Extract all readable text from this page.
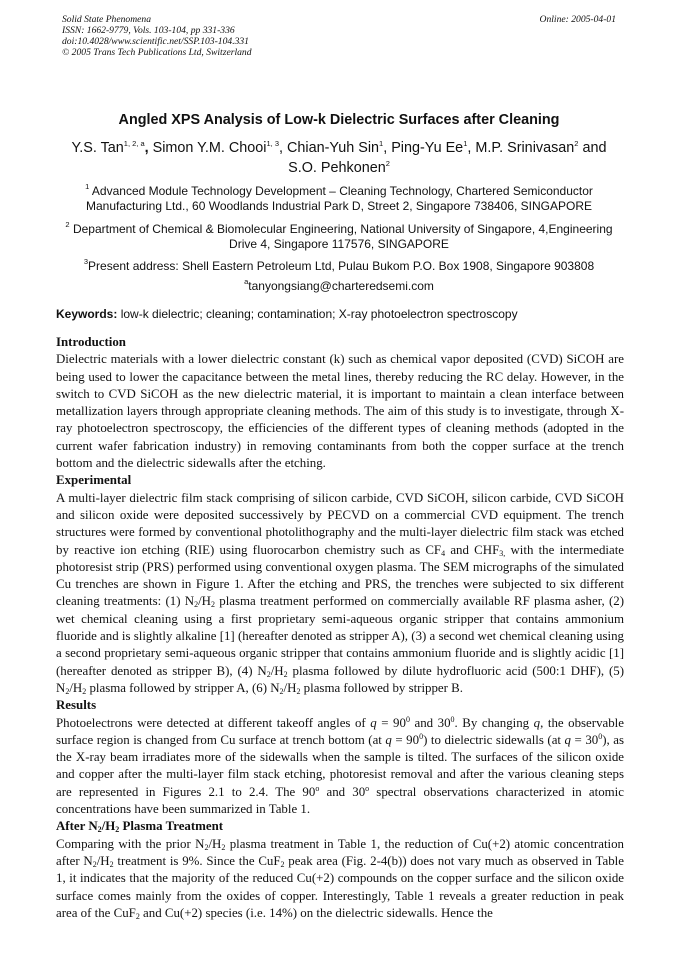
Solid State Phenomena
ISSN: 1662-9779, Vols. 103-104, pp 331-336
doi:10.4028/www.scientific.net/SSP.103-104.331
© 2005 Trans Tech Publications Ltd, Switzerland
Online: 2005-04-01
Angled XPS Analysis of Low-k Dielectric Surfaces after Cleaning
Y.S. Tan$^{1, 2, a}$, Simon Y.M. Chooi$^{1, 3}$, Chian-Yuh Sin$^1$, Ping-Yu Ee$^1$, M.P. Srinivasan$^2$ and S.O. Pehkonen$^2$
$^1$ Advanced Module Technology Development – Cleaning Technology, Chartered Semiconductor Manufacturing Ltd., 60 Woodlands Industrial Park D, Street 2, Singapore 738406, SINGAPORE
$^2$ Department of Chemical & Biomolecular Engineering, National University of Singapore, 4,Engineering Drive 4, Singapore 117576, SINGAPORE
$^3$Present address: Shell Eastern Petroleum Ltd, Pulau Bukom P.O. Box 1908, Singapore 903808
$^a$tanyongsiang@charteredsemi.com
Keywords: low-k dielectric; cleaning; contamination; X-ray photoelectron spectroscopy
Introduction

Dielectric materials with a lower dielectric constant (k) such as chemical vapor deposited (CVD) SiCOH are being used to lower the capacitance between the metal lines, thereby reducing the RC delay. However, in the switch to CVD SiCOH as the new dielectric material, it is important to maintain a clean interface between metallization layers through appropriate cleaning methods. The aim of this study is to investigate, through X-ray photoelectron spectroscopy, the efficiencies of the different types of cleaning methods (adopted in the current wafer fabrication industry) in removing contaminants from both the copper surface at the trench bottom and the dielectric sidewalls after the etching.

Experimental

A multi-layer dielectric film stack comprising of silicon carbide, CVD SiCOH, silicon carbide, CVD SiCOH and silicon oxide were deposited successively by PECVD on a commercial CVD equipment. The trench structures were formed by conventional photolithography and the multi-layer dielectric film stack was etched by reactive ion etching (RIE) using fluorocarbon chemistry such as $CF_4$ and $CHF_{3,}$ with the intermediate photoresist strip (PRS) performed using conventional oxygen plasma. The SEM micrographs of the simulated Cu trenches are shown in Figure 1. After the etching and PRS, the trenches were subjected to six different cleaning treatments: (1) $N_2/H_2$ plasma treatment performed on commercially available RF plasma asher, (2) wet chemical cleaning using a first proprietary semi-aqueous organic stripper that contains ammonium fluoride and is slightly alkaline [1] (hereafter denoted as stripper A), (3) a second wet chemical cleaning using a second proprietary semi-aqueous organic stripper that contains ammonium fluoride and is slightly acidic [1] (hereafter denoted as stripper B), (4) $N_2/H_2$ plasma followed by dilute hydrofluoric acid (500:1 DHF), (5) $N_2/H_2$ plasma followed by stripper A, (6) $N_2/H_2$ plasma followed by stripper B.

Results

Photoelectrons were detected at different takeoff angles of $q = 90^0$ and $30^0$. By changing q, the observable surface region is changed from Cu surface at trench bottom (at $q = 90^0$) to dielectric sidewalls (at $q = 30^0$), as the X-ray beam irradiates more of the sidewalls when the sample is tilted. The surfaces of the silicon oxide and copper after the multi-layer film stack etching, photoresist removal and after the various cleaning steps are represented in Figures 2.1 to 2.4. The 90$^o$ and 30$^o$ spectral observations characterized in atomic concentrations have been summarized in Table 1.

After $N_2/H_2$ Plasma Treatment

Comparing with the prior $N_2/H_2$ plasma treatment in Table 1, the reduction of Cu(+2) atomic concentration after $N_2/H_2$ treatment is 9%. Since the CuF$_2$ peak area (Fig. 2-4(b)) does not vary much as observed in Table 1, it indicates that the majority of the reduced Cu(+2) compounds on the copper surface and the silicon oxide surface comes mainly from the oxides of copper. Interestingly, Table 1 reveals a greater reduction in peak area of the CuF$_2$ and Cu(+2) species (i.e. 14%) on the dielectric sidewalls. Hence the
